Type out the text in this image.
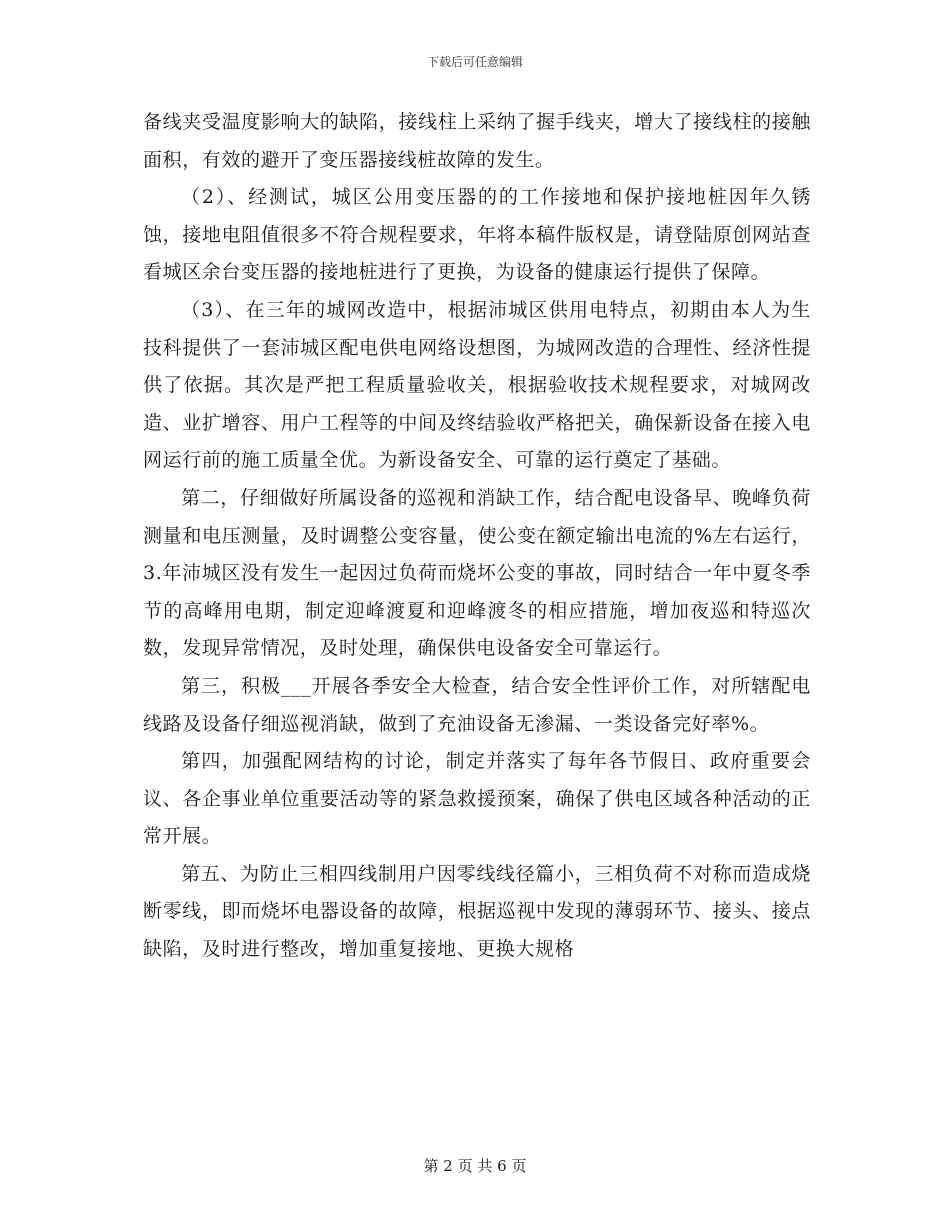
下载后可任意编辑

备线夹受温度影响大的缺陷，接线柱上采纳了握手线夹，增大了接线柱的接触面积，有效的避开了变压器接线桩故障的发生。

（2）、经测试，城区公用变压器的的工作接地和保护接地桩因年久锈蚀，接地电阻值很多不符合规程要求，年将本稿件版权是，请登陆原创网站查看城区余台变压器的接地桩进行了更换，为设备的健康运行提供了保障。

（3）、在三年的城网改造中，根据沛城区供用电特点，初期由本人为生技科提供了一套沛城区配电供电网络设想图，为城网改造的合理性、经济性提供了依据。其次是严把工程质量验收关，根据验收技术规程要求，对城网改造、业扩增容、用户工程等的中间及终结验收严格把关，确保新设备在接入电网运行前的施工质量全优。为新设备安全、可靠的运行奠定了基础。

第二，仔细做好所属设备的巡视和消缺工作，结合配电设备早、晚峰负荷测量和电压测量，及时调整公变容量，使公变在额定输出电流的%左右运行，3.年沛城区没有发生一起因过负荷而烧坏公变的事故，同时结合一年中夏冬季节的高峰用电期，制定迎峰渡夏和迎峰渡冬的相应措施，增加夜巡和特巡次数，发现异常情况，及时处理，确保供电设备安全可靠运行。

第三，积极___开展各季安全大检查，结合安全性评价工作，对所辖配电线路及设备仔细巡视消缺，做到了充油设备无渗漏、一类设备完好率%。

第四，加强配网结构的讨论，制定并落实了每年各节假日、政府重要会议、各企事业单位重要活动等的紧急救援预案，确保了供电区域各种活动的正常开展。

第五、为防止三相四线制用户因零线线径篇小，三相负荷不对称而造成烧断零线，即而烧坏电器设备的故障，根据巡视中发现的薄弱环节、接头、接点缺陷，及时进行整改，增加重复接地、更换大规格

第 2 页 共 6 页
